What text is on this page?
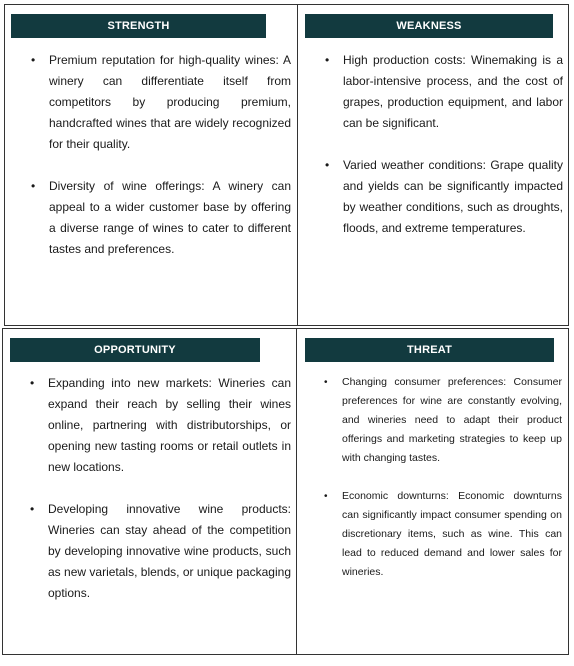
STRENGTH
• Premium reputation for high-quality wines: A winery can differentiate itself from competitors by producing premium, handcrafted wines that are widely recognized for their quality.
• Diversity of wine offerings: A winery can appeal to a wider customer base by offering a diverse range of wines to cater to different tastes and preferences.
WEAKNESS
• High production costs: Winemaking is a labor-intensive process, and the cost of grapes, production equipment, and labor can be significant.
• Varied weather conditions: Grape quality and yields can be significantly impacted by weather conditions, such as droughts, floods, and extreme temperatures.
OPPORTUNITY
• Expanding into new markets: Wineries can expand their reach by selling their wines online, partnering with distributorships, or opening new tasting rooms or retail outlets in new locations.
• Developing innovative wine products: Wineries can stay ahead of the competition by developing innovative wine products, such as new varietals, blends, or unique packaging options.
THREAT
• Changing consumer preferences: Consumer preferences for wine are constantly evolving, and wineries need to adapt their product offerings and marketing strategies to keep up with changing tastes.
• Economic downturns: Economic downturns can significantly impact consumer spending on discretionary items, such as wine. This can lead to reduced demand and lower sales for wineries.
